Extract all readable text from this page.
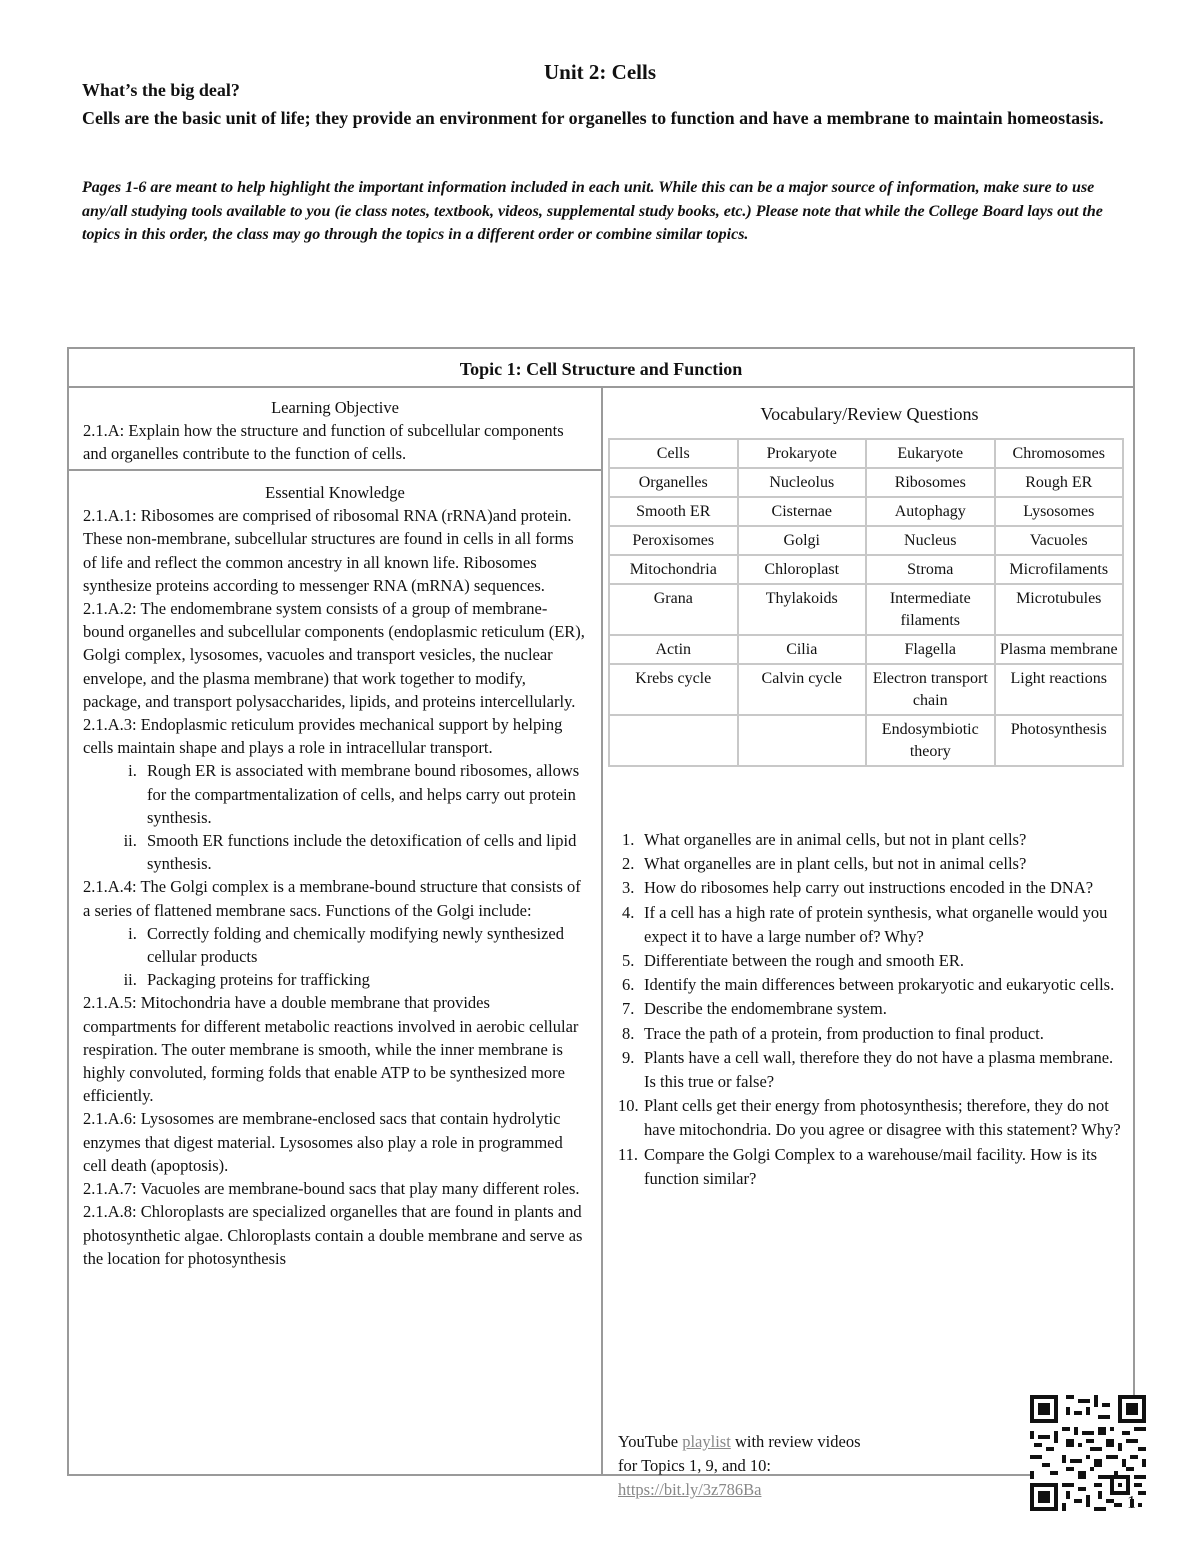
Unit 2: Cells
What’s the big deal?
Cells are the basic unit of life; they provide an environment for organelles to function and have a membrane to maintain homeostasis.
Pages 1-6 are meant to help highlight the important information included in each unit. While this can be a major source of information, make sure to use any/all studying tools available to you (ie class notes, textbook, videos, supplemental study books, etc.) Please note that while the College Board lays out the topics in this order, the class may go through the topics in a different order or combine similar topics.
Topic 1: Cell Structure and Function
Learning Objective
2.1.A: Explain how the structure and function of subcellular components and organelles contribute to the function of cells.

Essential Knowledge

2.1.A.1: Ribosomes are comprised of ribosomal RNA (rRNA)and protein. These non-membrane, subcellular structures are found in cells in all forms of life and reflect the common ancestry in all known life. Ribosomes synthesize proteins according to messenger RNA (mRNA) sequences.

2.1.A.2: The endomembrane system consists of a group of membrane-bound organelles and subcellular components (endoplasmic reticulum (ER), Golgi complex, lysosomes, vacuoles and transport vesicles, the nuclear envelope, and the plasma membrane) that work together to modify, package, and transport polysaccharides, lipids, and proteins intercellularly.

2.1.A.3: Endoplasmic reticulum provides mechanical support by helping cells maintain shape and plays a role in intracellular transport.

i. Rough ER is associated with membrane bound ribosomes, allows for the compartmentalization of cells, and helps carry out protein synthesis.
ii. Smooth ER functions include the detoxification of cells and lipid synthesis.

2.1.A.4: The Golgi complex is a membrane-bound structure that consists of a series of flattened membrane sacs. Functions of the Golgi include:

i. Correctly folding and chemically modifying newly synthesized cellular products
ii. Packaging proteins for trafficking

2.1.A.5: Mitochondria have a double membrane that provides compartments for different metabolic reactions involved in aerobic cellular respiration. The outer membrane is smooth, while the inner membrane is highly convoluted, forming folds that enable ATP to be synthesized more efficiently.

2.1.A.6: Lysosomes are membrane-enclosed sacs that contain hydrolytic enzymes that digest material. Lysosomes also play a role in programmed cell death (apoptosis).

2.1.A.7: Vacuoles are membrane-bound sacs that play many different roles.

2.1.A.8: Chloroplasts are specialized organelles that are found in plants and photosynthetic algae. Chloroplasts contain a double membrane and serve as the location for photosynthesis

Vocabulary/Review Questions
Cells	Prokaryote	Eukaryote	Chromosomes
Organelles	Nucleolus	Ribosomes	Rough ER
Smooth ER	Cisternae	Autophagy	Lysosomes
Peroxisomes	Golgi	Nucleus	Vacuoles
Mitochondria	Chloroplast	Stroma	Microfilaments
Grana	Thylakoids	Intermediate filaments	Microtubules
Actin	Cilia	Flagella	Plasma membrane
Krebs cycle	Calvin cycle	Electron transport chain	Light reactions
		Endosymbiotic theory	Photosynthesis
1. What organelles are in animal cells, but not in plant cells?
2. What organelles are in plant cells, but not in animal cells?
3. How do ribosomes help carry out instructions encoded in the DNA?
4. If a cell has a high rate of protein synthesis, what organelle would you expect it to have a large number of? Why?
5. Differentiate between the rough and smooth ER.
6. Identify the main differences between prokaryotic and eukaryotic cells.
7. Describe the endomembrane system.
8. Trace the path of a protein, from production to final product.
9. Plants have a cell wall, therefore they do not have a plasma membrane. Is this true or false?
10. Plant cells get their energy from photosynthesis; therefore, they do not have mitochondria. Do you agree or disagree with this statement? Why?
11. Compare the Golgi Complex to a warehouse/mail facility. How is its function similar?
YouTube playlist with review videos for Topics 1, 9, and 10:
https://bit.ly/3z786Ba
1
